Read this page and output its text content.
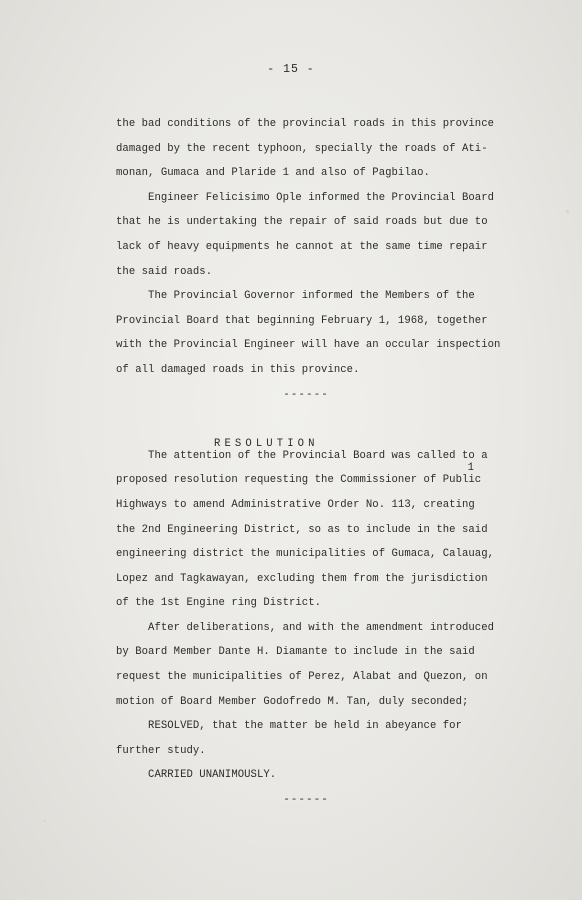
- 15 -
the bad conditions of the provincial roads in this province
damaged by the recent typhoon, specially the roads of Ati-
monan, Gumaca and Plaride 1 and also of Pagbilao.
Engineer Felicisimo Ople informed the Provincial Board
that he is undertaking the repair of said roads but due to
lack of heavy equipments he cannot at the same time repair
the said roads.
The Provincial Governor informed the Members of the
Provincial Board that beginning February 1, 1968, together
with the Provincial Engineer will have an occular inspection
of all damaged roads in this province.
------

RESOLUTION

1

The attention of the Provincial Board was called to a
proposed resolution requesting the Commissioner of Public
Highways to amend Administrative Order No. 113, creating
the 2nd Engineering District, so as to include in the said
engineering district the municipalities of Gumaca, Calauag,
Lopez and Tagkawayan, excluding them from the jurisdiction
of the 1st Engine ring District.
After deliberations, and with the amendment introduced
by Board Member Dante H. Diamante to include in the said
request the municipalities of Perez, Alabat and Quezon, on
motion of Board Member Godofredo M. Tan, duly seconded;
RESOLVED, that the matter be held in abeyance for
further study.
CARRIED UNANIMOUSLY.
------
